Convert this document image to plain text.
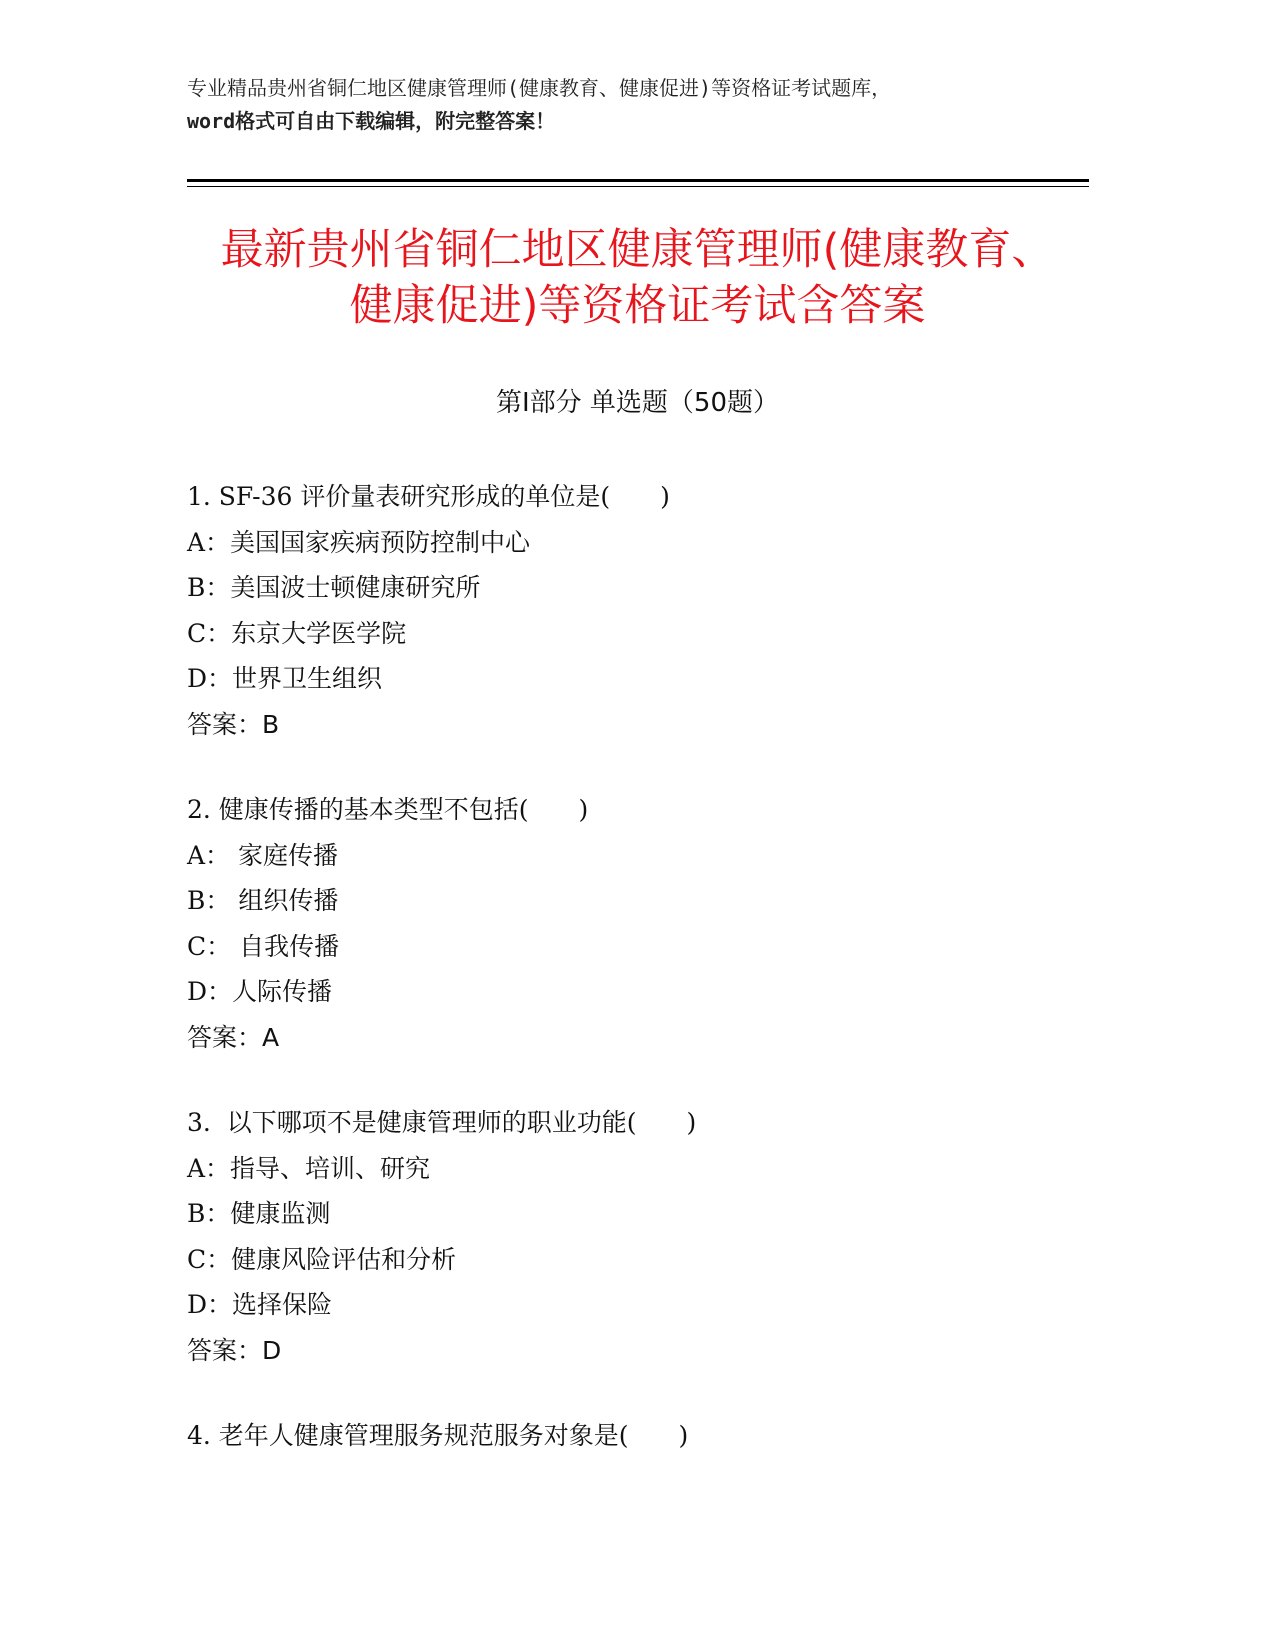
专业精品贵州省铜仁地区健康管理师(健康教育、健康促进)等资格证考试题库，
word格式可自由下载编辑，附完整答案！
最新贵州省铜仁地区健康管理师(健康教育、
健康促进)等资格证考试含答案
第Ⅰ部分 单选题（50题）
1. SF-36 评价量表研究形成的单位是(　　)
A：美国国家疾病预防控制中心
B：美国波士顿健康研究所
C：东京大学医学院
D：世界卫生组织
答案：B
2. 健康传播的基本类型不包括(　　)
A： 家庭传播
B： 组织传播
C： 自我传播
D：人际传播
答案：A
3.  以下哪项不是健康管理师的职业功能(　　)
A：指导、培训、研究
B：健康监测
C：健康风险评估和分析
D：选择保险
答案：D
4. 老年人健康管理服务规范服务对象是(　　)
